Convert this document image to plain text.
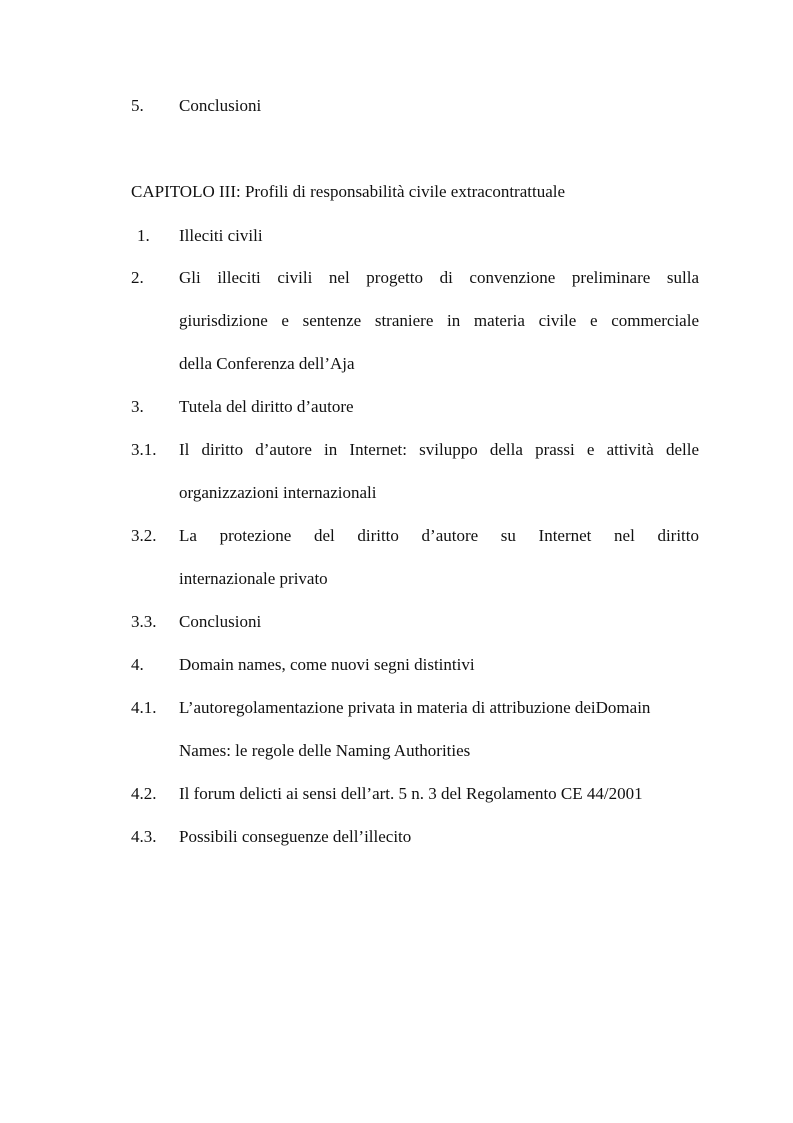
5. Conclusioni
CAPITOLO III: Profili di responsabilità civile extracontrattuale
1. Illeciti civili
2. Gli illeciti civili nel progetto di convenzione preliminare sulla
giurisdizione e sentenze straniere in materia civile e commerciale
della Conferenza dell’Aja
3. Tutela del diritto d’autore
3.1. Il diritto d’autore in Internet: sviluppo della prassi e attività delle
organizzazioni internazionali
3.2. La protezione del diritto d’autore su Internet nel diritto
internazionale privato
3.3. Conclusioni
4. Domain names, come nuovi segni distintivi
4.1. L’autoregolamentazione privata in materia di attribuzione deiDomain
Names: le regole delle Naming Authorities
4.2. Il forum delicti ai sensi dell’art. 5 n. 3 del Regolamento CE 44/2001
4.3. Possibili conseguenze dell’illecito
